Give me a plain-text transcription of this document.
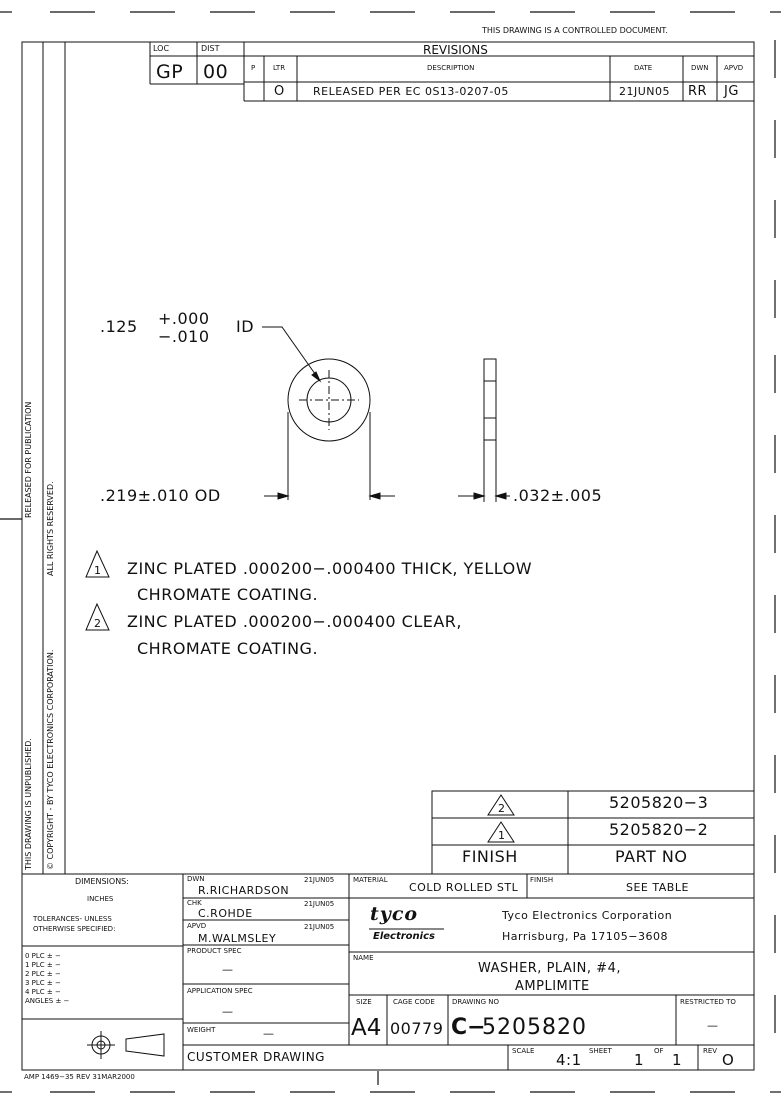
THIS DRAWING IS A CONTROLLED DOCUMENT.
THIS DRAWING IS UNPUBLISHED.
RELEASED FOR PUBLICATION
© COPYRIGHT - BY TYCO ELECTRONICS CORPORATION.
ALL RIGHTS RESERVED.
LOC
GP
DIST
00
REVISIONS
P	LTR	DESCRIPTION	DATE	DWN APVD
O	RELEASED PER EC 0S13-0207-05	21JUN05 RR JG
.125 +.000
−.010
ID
.219±.010 OD	.032±.005
1 ZINC PLATED .000200−.000400 THICK, YELLOW
CHROMATE COATING.
2 ZINC PLATED .000200−.000400 CLEAR,
CHROMATE COATING.
2	5205820−3
1	5205820−2
FINISH	PART NO
DIMENSIONS:
INCHES
TOLERANCES- UNLESS
OTHERWISE SPECIFIED:
0 PLC ± −
1 PLC ± −
2 PLC ± −
3 PLC ± −
4 PLC ± −
ANGLES ± −
DWN
R.RICHARDSON
21JUN05
CHK
C.ROHDE
21JUN05
APVD
M.WALMSLEY
21JUN05
PRODUCT SPEC
—
APPLICATION SPEC
—
WEIGHT	—
CUSTOMER DRAWING
MATERIAL
COLD ROLLED STL
FINISH
SEE TABLE
tyco
Electronics
Tyco Electronics Corporation
Harrisburg, Pa 17105−3608
NAME
WASHER, PLAIN, #4,
AMPLIMITE
SIZE
A4
CAGE CODE
00779
DRAWING NO
C−
5205820
RESTRICTED TO
—
SCALE 4:1 SHEET 1 OF 1	REV O
AMP 1469−35 REV 31MAR2000
